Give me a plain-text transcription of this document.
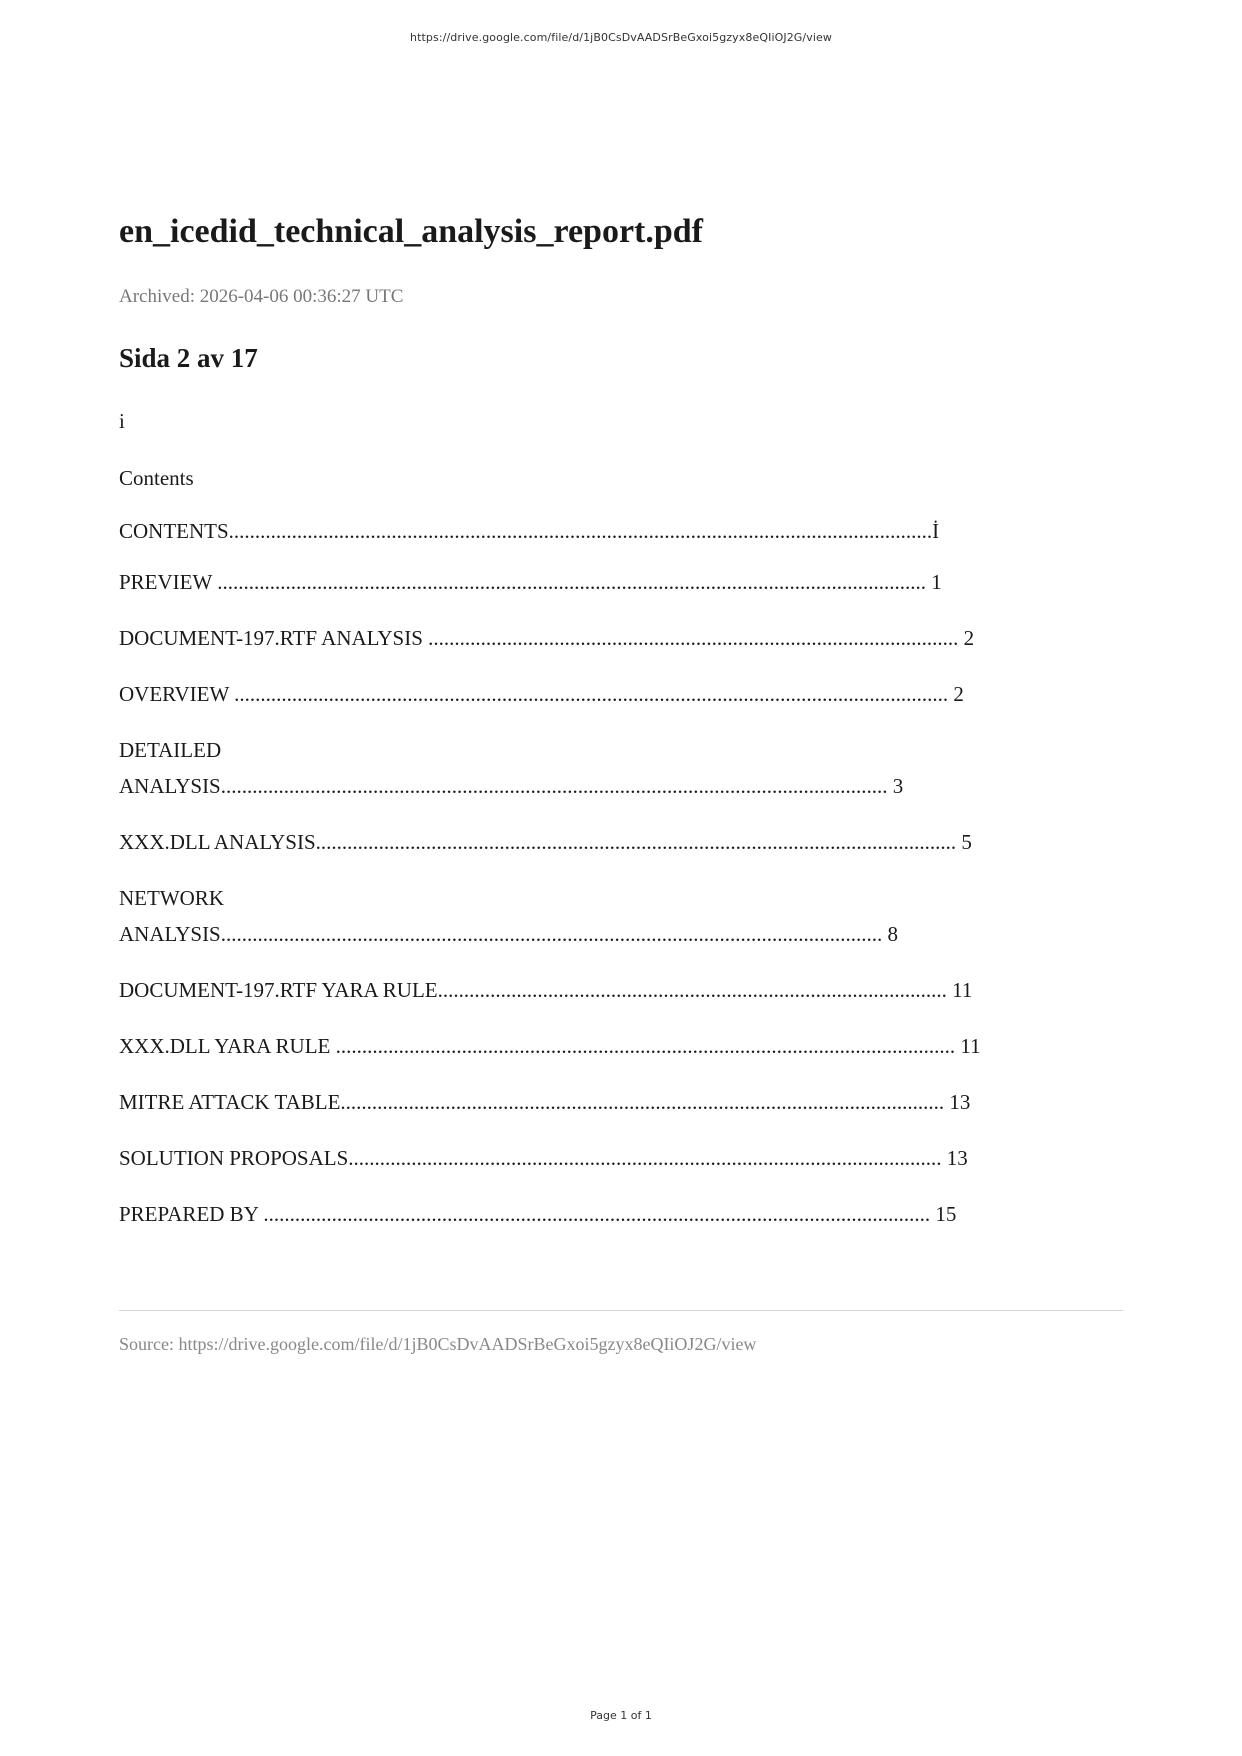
https://drive.google.com/file/d/1jB0CsDvAADSrBeGxoi5gzyx8eQIiOJ2G/view
en_icedid_technical_analysis_report.pdf
Archived: 2026-04-06 00:36:27 UTC
Sida 2 av 17
i
Contents
CONTENTS......................................................................................................................................İ
PREVIEW ....................................................................................................................................... 1
DOCUMENT-197.RTF ANALYSIS ..................................................................................................... 2
OVERVIEW ........................................................................................................................................ 2
DETAILED
ANALYSIS............................................................................................................................... 3
XXX.DLL ANALYSIS.......................................................................................................................... 5
NETWORK
ANALYSIS.............................................................................................................................. 8
DOCUMENT-197.RTF YARA RULE................................................................................................. 11
XXX.DLL YARA RULE ...................................................................................................................... 11
MITRE ATTACK TABLE................................................................................................................... 13
SOLUTION PROPOSALS................................................................................................................. 13
PREPARED BY ............................................................................................................................... 15
Source: https://drive.google.com/file/d/1jB0CsDvAADSrBeGxoi5gzyx8eQIiOJ2G/view
Page 1 of 1
